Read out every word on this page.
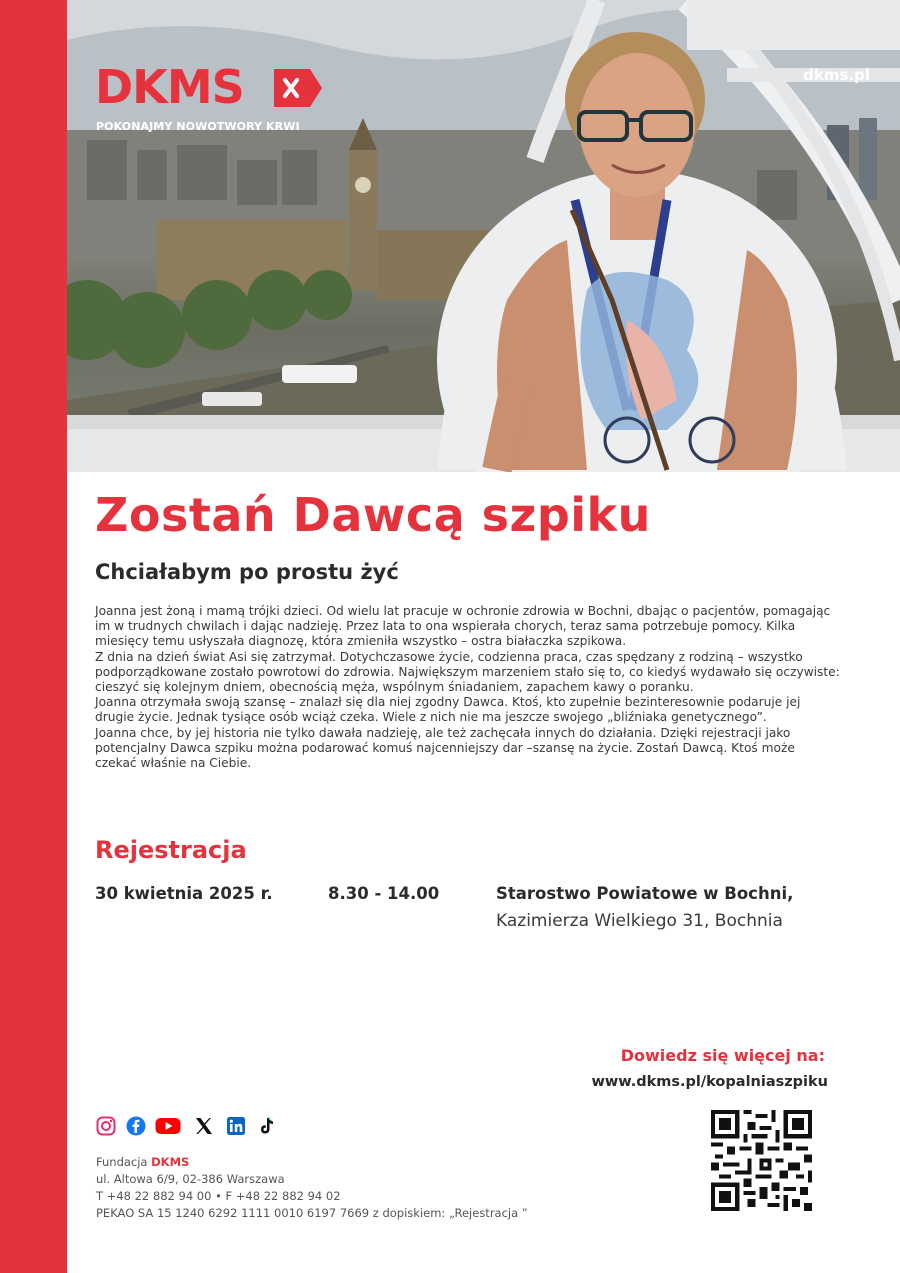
DKMS
POKONAJMY NOWOTWORY KRWI
dkms.pl
Zostań Dawcą szpiku
Chciałabym po prostu żyć

Joanna jest żoną i mamą trójki dzieci. Od wielu lat pracuje w ochronie zdrowia w Bochni, dbając o pacjentów, pomagając im w trudnych chwilach i dając nadzieję. Przez lata to ona wspierała chorych, teraz sama potrzebuje pomocy. Kilka miesięcy temu usłyszała diagnozę, która zmieniła wszystko – ostra białaczka szpikowa.

Z dnia na dzień świat Asi się zatrzymał. Dotychczasowe życie, codzienna praca, czas spędzany z rodziną – wszystko podporządkowane zostało powrotowi do zdrowia. Największym marzeniem stało się to, co kiedyś wydawało się oczywiste: cieszyć się kolejnym dniem, obecnością męża, wspólnym śniadaniem, zapachem kawy o poranku.

Joanna otrzymała swoją szansę – znalazł się dla niej zgodny Dawca. Ktoś, kto zupełnie bezinteresownie podaruje jej drugie życie. Jednak tysiące osób wciąż czeka. Wiele z nich nie ma jeszcze swojego „bliźniaka genetycznego”.

Joanna chce, by jej historia nie tylko dawała nadzieję, ale też zachęcała innych do działania. Dzięki rejestracji jako potencjalny Dawca szpiku można podarować komuś najcenniejszy dar –szansę na życie. Zostań Dawcą. Ktoś może czekać właśnie na Ciebie.

Rejestracja
30 kwietnia 2025 r.	8.30 - 14.00	Starostwo Powiatowe w Bochni,
Kazimierza Wielkiego 31, Bochnia
Dowiedz się więcej na:
www.dkms.pl/kopalniaszpiku
Fundacja DKMS
ul. Altowa 6/9, 02-386 Warszawa
T +48 22 882 94 00 • F +48 22 882 94 02
PEKAO SA 15 1240 6292 1111 0010 6197 7669 z dopiskiem: „Rejestracja ”
